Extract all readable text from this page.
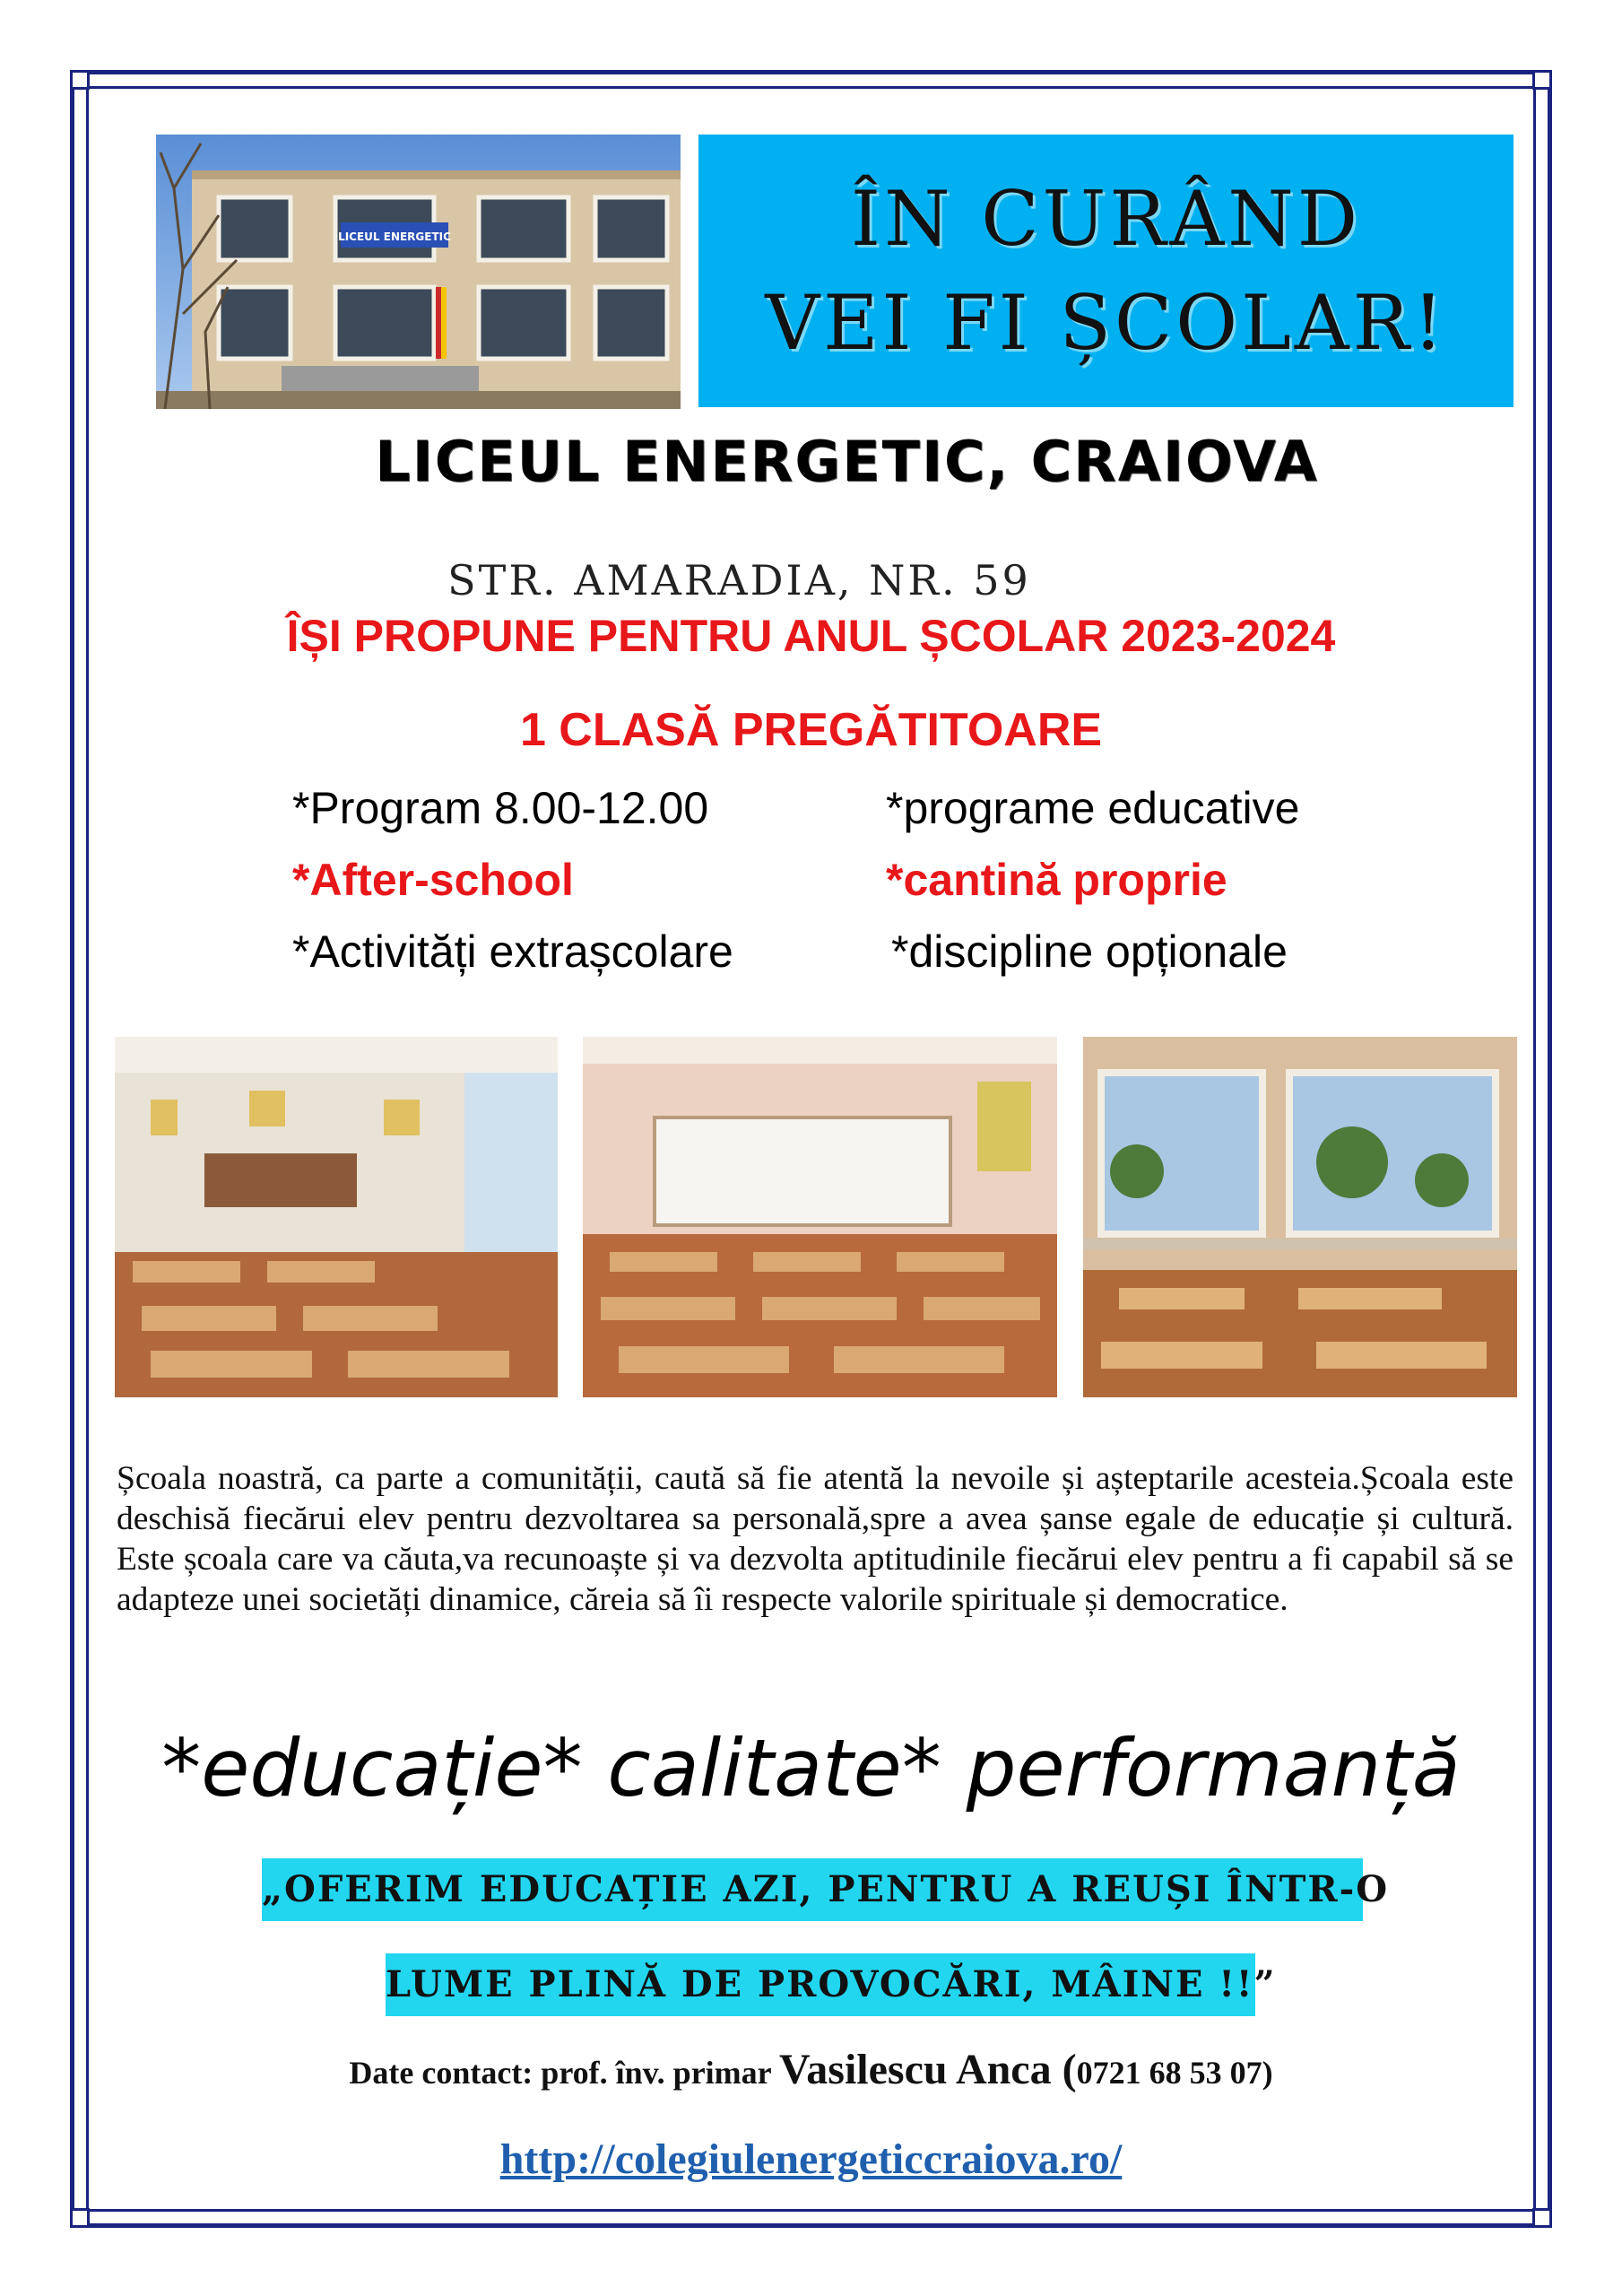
LICEUL ENERGETIC	ÎN CURÂND
VEI FI ȘCOLAR!
LICEUL ENERGETIC, CRAIOVA
STR. AMARADIA, NR. 59
ÎȘI PROPUNE PENTRU ANUL ȘCOLAR 2023-2024
1 CLASĂ PREGĂTITOARE
*Program 8.00-12.00
*After-school
*Activități extrașcolare
*programe educative
*cantină proprie
*discipline opționale
Școala noastră, ca parte a comunității, caută să fie atentă la nevoile și așteptarile acesteia.Școala este deschisă fiecărui elev pentru dezvoltarea sa personală,spre a avea șanse egale de educație și cultură. Este școala care va căuta,va recunoaște și va dezvolta aptitudinile fiecărui elev pentru a fi capabil să se adapteze unei societăți dinamice, căreia să îi respecte valorile spirituale și democratice.
*educație* calitate* performanță
„OFERIM EDUCAȚIE AZI, PENTRU A REUȘI ÎNTR-O
LUME PLINĂ DE PROVOCĂRI, MÂINE !!”
Date contact: prof. înv. primar Vasilescu Anca (0721 68 53 07)
http://colegiulenergeticcraiova.ro/
